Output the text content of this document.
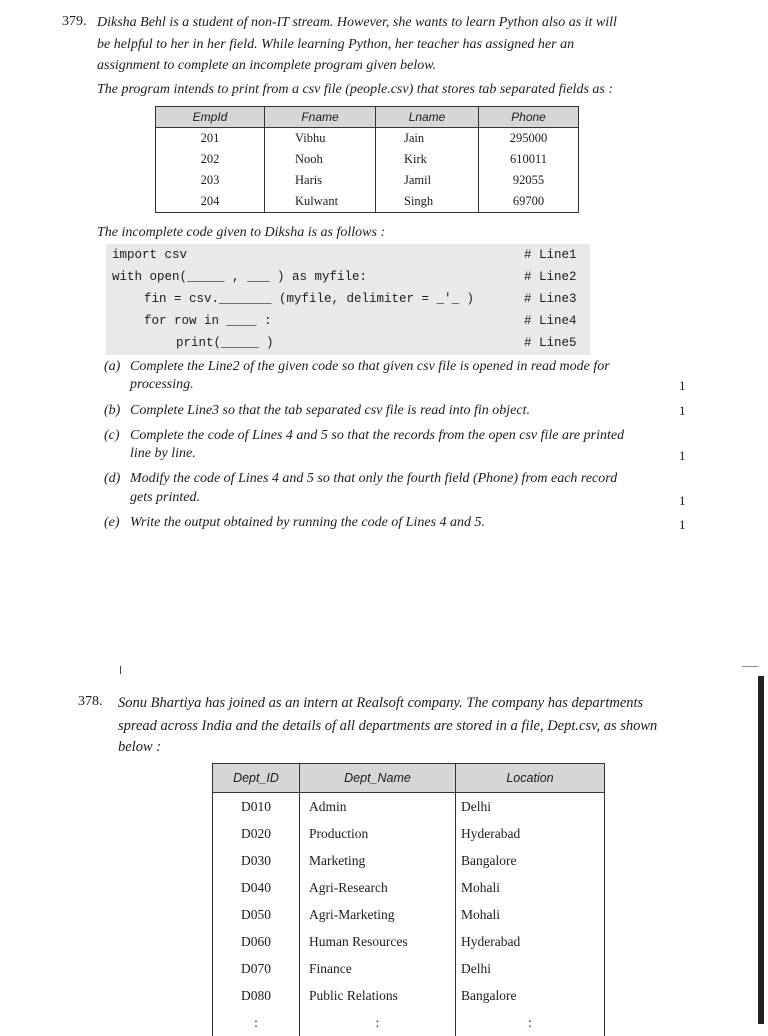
379. Diksha Behl is a student of non-IT stream. However, she wants to learn Python also as it will
be helpful to her in her field. While learning Python, her teacher has assigned her an
assignment to complete an incomplete program given below.
The program intends to print from a csv file (people.csv) that stores tab separated fields as :
EmpId	Fname	Lname	Phone
201	Vibhu	Jain	295000
202	Nooh	Kirk	610011
203	Haris	Jamil	92055
204	Kulwant	Singh	69700
The incomplete code given to Diksha is as follows :
import csv	# Line1
with open(_____ , ___ ) as myfile:	# Line2
fin = csv._______ (myfile, delimiter = _'_ )	# Line3
for row in ____ :	# Line4
print(_____ )	# Line5
(a) Complete the Line2 of the given code so that given csv file is opened in read mode for
processing.	1
(b) Complete Line3 so that the tab separated csv file is read into fin object.	1
(c) Complete the code of Lines 4 and 5 so that the records from the open csv file are printed
line by line.	1
(d) Modify the code of Lines 4 and 5 so that only the fourth field (Phone) from each record
gets printed.	1
(e) Write the output obtained by running the code of Lines 4 and 5.	1
378. Sonu Bhartiya has joined as an intern at Realsoft company. The company has departments
spread across India and the details of all departments are stored in a file, Dept.csv, as shown
below :
Dept_ID	Dept_Name	Location
D010	Admin	Delhi
D020	Production	Hyderabad
D030	Marketing	Bangalore
D040	Agri-Research	Mohali
D050	Agri-Marketing	Mohali
D060	Human Resources	Hyderabad
D070	Finance	Delhi
D080	Public Relations	Bangalore
:	:	:
